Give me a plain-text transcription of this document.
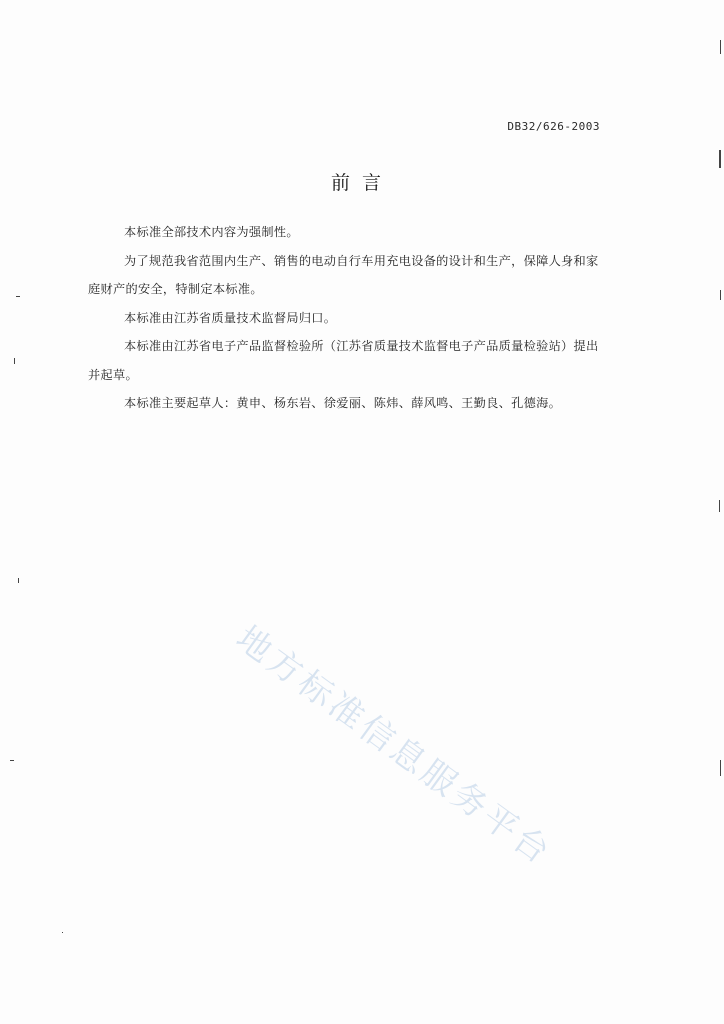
DB32/626-2003
前言

本标准全部技术内容为强制性。

为了规范我省范围内生产、销售的电动自行车用充电设备的设计和生产，保障人身和家

庭财产的安全，特制定本标准。

本标准由江苏省质量技术监督局归口。

本标准由江苏省电子产品监督检验所（江苏省质量技术监督电子产品质量检验站）提出

并起草。

本标准主要起草人：黄申、杨东岩、徐爱丽、陈炜、薛风鸣、王勤良、孔德海。

地方标准信息服务平台
